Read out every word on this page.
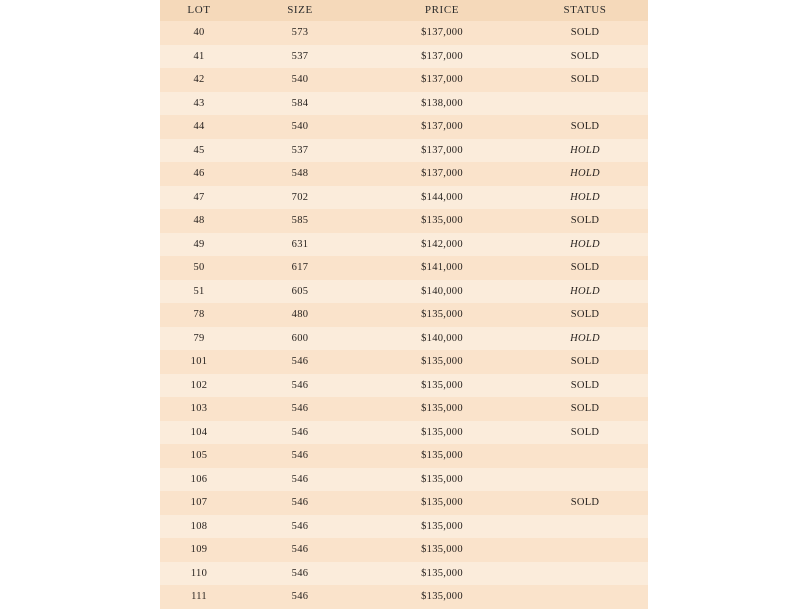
LOT	SIZE	PRICE	STATUS

40	573	$137,000	SOLD

41	537	$137,000	SOLD

42	540	$137,000	SOLD

43	584	$138,000	

44	540	$137,000	SOLD

45	537	$137,000	HOLD

46	548	$137,000	HOLD

47	702	$144,000	HOLD

48	585	$135,000	SOLD

49	631	$142,000	HOLD

50	617	$141,000	SOLD

51	605	$140,000	HOLD

78	480	$135,000	SOLD

79	600	$140,000	HOLD

101	546	$135,000	SOLD

102	546	$135,000	SOLD

103	546	$135,000	SOLD

104	546	$135,000	SOLD

105	546	$135,000	

106	546	$135,000	

107	546	$135,000	SOLD

108	546	$135,000	

109	546	$135,000	

110	546	$135,000	

111	546	$135,000	
